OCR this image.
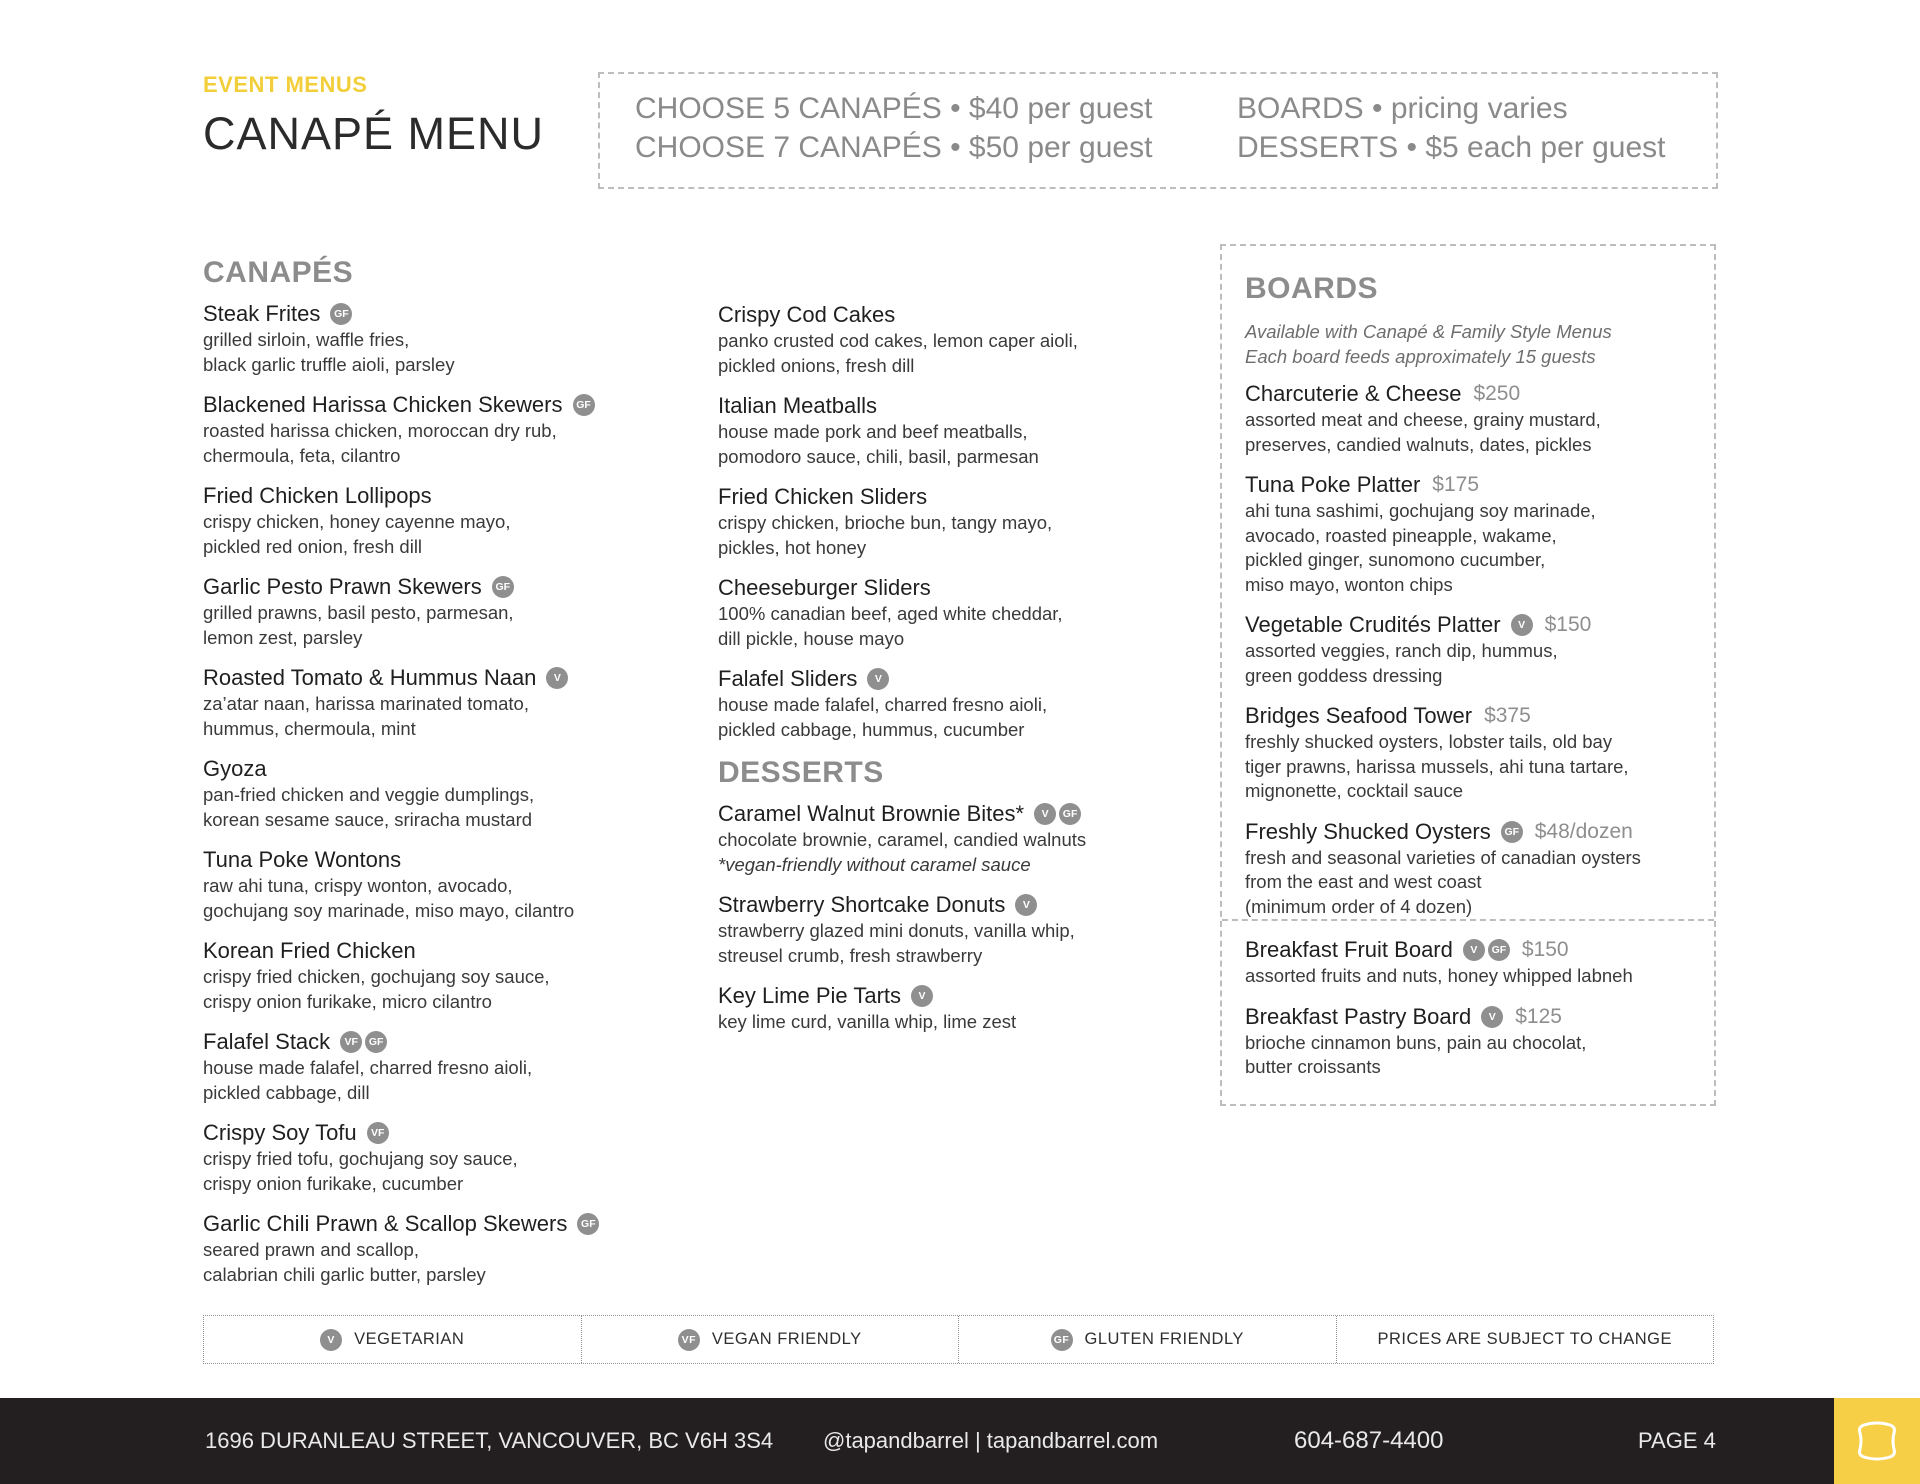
EVENT MENUS
CANAPÉ MENU	CHOOSE 5 CANAPÉS • $40 per guest
CHOOSE 7 CANAPÉS • $50 per guest
BOARDS • pricing varies
DESSERTS • $5 each per guest
CANAPÉS
Steak Frites	GF
grilled sirloin, waffle fries,
black garlic truffle aioli, parsley
Blackened Harissa Chicken Skewers	GF
roasted harissa chicken, moroccan dry rub,
chermoula, feta, cilantro
Fried Chicken Lollipops
crispy chicken, honey cayenne mayo,
pickled red onion, fresh dill
Garlic Pesto Prawn Skewers	GF
grilled prawns, basil pesto, parmesan,
lemon zest, parsley
Roasted Tomato & Hummus Naan	V
za’atar naan, harissa marinated tomato,
hummus, chermoula, mint
Gyoza
pan-fried chicken and veggie dumplings,
korean sesame sauce, sriracha mustard
Tuna Poke Wontons
raw ahi tuna, crispy wonton, avocado,
gochujang soy marinade, miso mayo, cilantro
Korean Fried Chicken
crispy fried chicken, gochujang soy sauce,
crispy onion furikake, micro cilantro
Falafel Stack	VF	GF
house made falafel, charred fresno aioli,
pickled cabbage, dill
Crispy Soy Tofu	VF
crispy fried tofu, gochujang soy sauce,
crispy onion furikake, cucumber
Garlic Chili Prawn & Scallop Skewers	GF
seared prawn and scallop,
calabrian chili garlic butter, parsley
Crispy Cod Cakes
panko crusted cod cakes, lemon caper aioli,
pickled onions, fresh dill
Italian Meatballs
house made pork and beef meatballs,
pomodoro sauce, chili, basil, parmesan
Fried Chicken Sliders
crispy chicken, brioche bun, tangy mayo,
pickles, hot honey
Cheeseburger Sliders
100% canadian beef, aged white cheddar,
dill pickle, house mayo
Falafel Sliders	V
house made falafel, charred fresno aioli,
pickled cabbage, hummus, cucumber
DESSERTS
Caramel Walnut Brownie Bites*	V	GF
chocolate brownie, caramel, candied walnuts
*vegan-friendly without caramel sauce
Strawberry Shortcake Donuts	V
strawberry glazed mini donuts, vanilla whip,
streusel crumb, fresh strawberry
Key Lime Pie Tarts	V
key lime curd, vanilla whip, lime zest
BOARDS
Available with Canapé & Family Style Menus
Each board feeds approximately 15 guests
Charcuterie & Cheese $250
assorted meat and cheese, grainy mustard,
preserves, candied walnuts, dates, pickles
Tuna Poke Platter $175
ahi tuna sashimi, gochujang soy marinade,
avocado, roasted pineapple, wakame,
pickled ginger, sunomono cucumber,
miso mayo, wonton chips
Vegetable Crudités Platter	V $150
assorted veggies, ranch dip, hummus,
green goddess dressing
Bridges Seafood Tower $375
freshly shucked oysters, lobster tails, old bay
tiger prawns, harissa mussels, ahi tuna tartare,
mignonette, cocktail sauce
Freshly Shucked Oysters	GF $48/dozen
fresh and seasonal varieties of canadian oysters
from the east and west coast
(minimum order of 4 dozen)
Breakfast Fruit Board	V	GF $150
assorted fruits and nuts, honey whipped labneh
Breakfast Pastry Board	V $125
brioche cinnamon buns, pain au chocolat,
butter croissants
V	VEGETARIAN	VF VEGAN FRIENDLY	GF GLUTEN FRIENDLY	PRICES ARE SUBJECT TO CHANGE
1696 DURANLEAU STREET, VANCOUVER, BC V6H 3S4 @tapandbarrel | tapandbarrel.com	604-687-4400	PAGE 4
